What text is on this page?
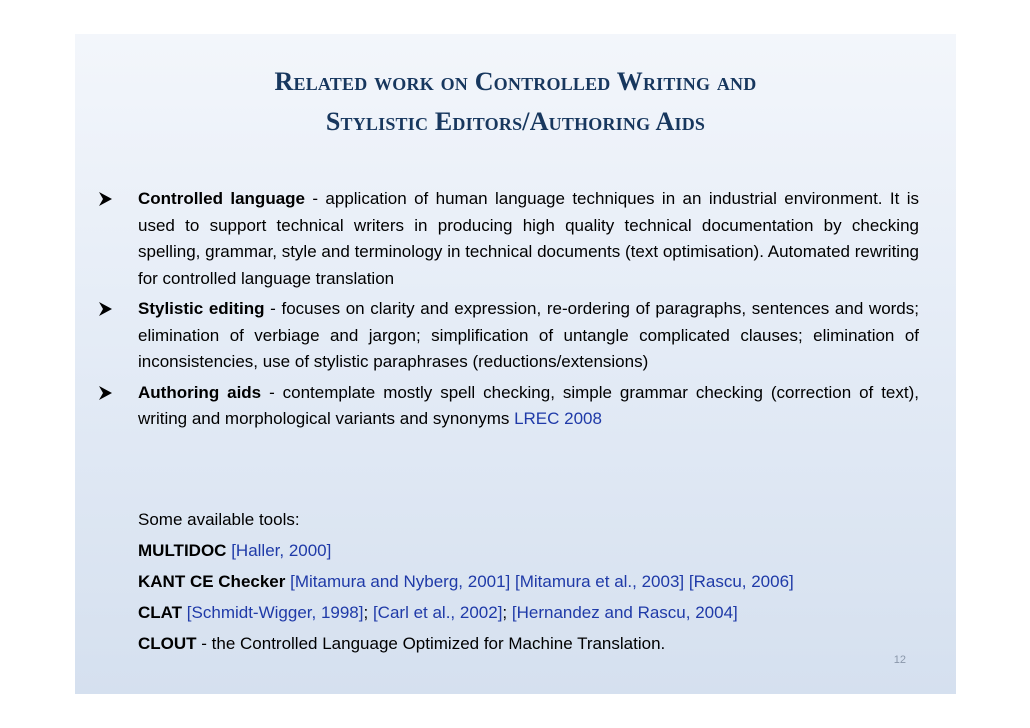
Related work on Controlled Writing and
Stylistic Editors/Authoring Aids
Controlled language - application of human language techniques in an industrial environment. It is used to support technical writers in producing high quality technical documentation by checking spelling, grammar, style and terminology in technical documents (text optimisation). Automated rewriting for controlled language translation
Stylistic editing - focuses on clarity and expression, re-ordering of paragraphs, sentences and words; elimination of verbiage and jargon; simplification of untangle complicated clauses; elimination of inconsistencies, use of stylistic paraphrases (reductions/extensions)
Authoring aids - contemplate mostly spell checking, simple grammar checking (correction of text), writing and morphological variants and synonyms LREC 2008
Some available tools:
MULTIDOC [Haller, 2000]
KANT CE Checker [Mitamura and Nyberg, 2001] [Mitamura et al., 2003] [Rascu, 2006]
CLAT [Schmidt-Wigger, 1998]; [Carl et al., 2002]; [Hernandez and Rascu, 2004]
CLOUT - the Controlled Language Optimized for Machine Translation.
12
